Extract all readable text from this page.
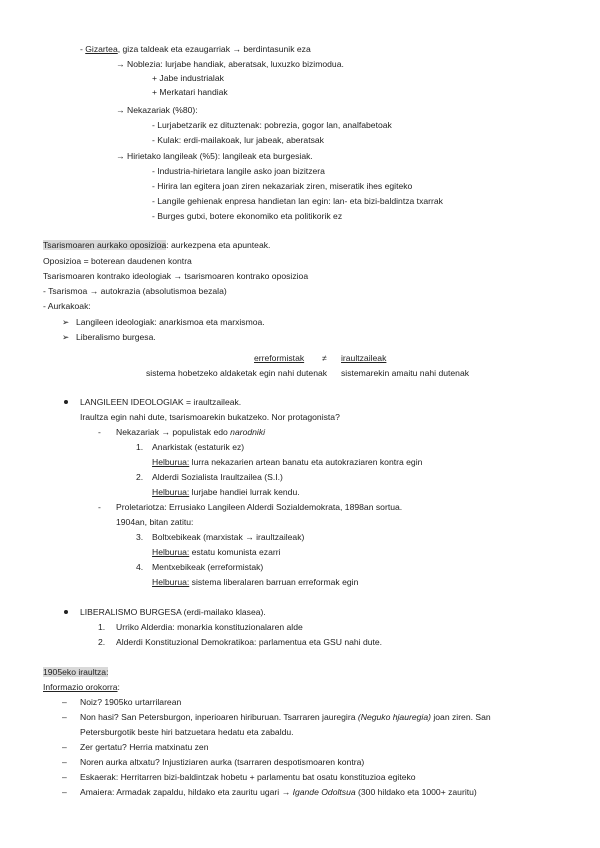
- Gizartea, giza taldeak eta ezaugarriak → berdintasunik eza
→ Noblezia: lurjabe handiak, aberatsak, luxuzko bizimodua.
+ Jabe industrialak
+ Merkatari handiak
→ Nekazariak (%80):
- Lurjabetzarik ez dituztenak: pobrezia, gogor lan, analfabetoak
- Kulak: erdi-mailakoak, lur jabeak, aberatsak
→ Hirietako langileak (%5): langileak eta burgesiak.
- Industria-hirietara langile asko joan bizitzera
- Hirira lan egitera joan ziren nekazariak ziren, miseratik ihes egiteko
- Langile gehienak enpresa handietan lan egin: lan- eta bizi-baldintza txarrak
- Burges gutxi, botere ekonomiko eta politikorik ez
Tsarismoaren aurkako oposizioa: aurkezpena eta apunteak.
Oposizioa = boterean daudenen kontra
Tsarismoaren kontrako ideologiak → tsarismoaren kontrako oposizioa
- Tsarismoa → autokrazia (absolutismoa bezala)
- Aurkakoak:
➢ Langileen ideologiak: anarkismoa eta marxismoa.
➢ Liberalismo burgesa.
erreformistak ≠ iraultzaileak
sistema hobetzeko aldaketak egin nahi dutenak sistemarekin amaitu nahi dutenak
LANGILEEN IDEOLOGIAK = iraultzaileak.
Iraultza egin nahi dute, tsarismoarekin bukatzeko. Nor protagonista?
- Nekazariak → populistak edo narodniki
1. Anarkistak (estaturik ez)
Helburua: lurra nekazarien artean banatu eta autokraziaren kontra egin
2. Alderdi Sozialista Iraultzailea (S.I.)
Helburua: lurjabe handiei lurrak kendu.
- Proletariotza: Errusiako Langileen Alderdi Sozialdemokrata, 1898an sortua.
1904an, bitan zatitu:
3. Boltxebikeak (marxistak → iraultzaileak)
Helburua: estatu komunista ezarri
4. Mentxebikeak (erreformistak)
Helburua: sistema liberalaren barruan erreformak egin
LIBERALISMO BURGESA (erdi-mailako klasea).
1. Urriko Alderdia: monarkia konstituzionalaren alde
2. Alderdi Konstituzional Demokratikoa: parlamentua eta GSU nahi dute.
1905eko iraultza:
Informazio orokorra:
– Noiz? 1905ko urtarrilarean
– Non hasi? San Petersburgon, inperioaren hiriburuan. Tsarraren jauregira (Neguko hjauregia) joan ziren. San
Petersburgotik beste hiri batzuetara hedatu eta zabaldu.
– Zer gertatu? Herria matxinatu zen
– Noren aurka altxatu? Injustiziaren aurka (tsarraren despotismoaren kontra)
– Eskaerak: Herritarren bizi-baldintzak hobetu + parlamentu bat osatu konstituzioa egiteko
– Amaiera: Armadak zapaldu, hildako eta zauritu ugari → Igande Odoltsua (300 hildako eta 1000+ zauritu)
